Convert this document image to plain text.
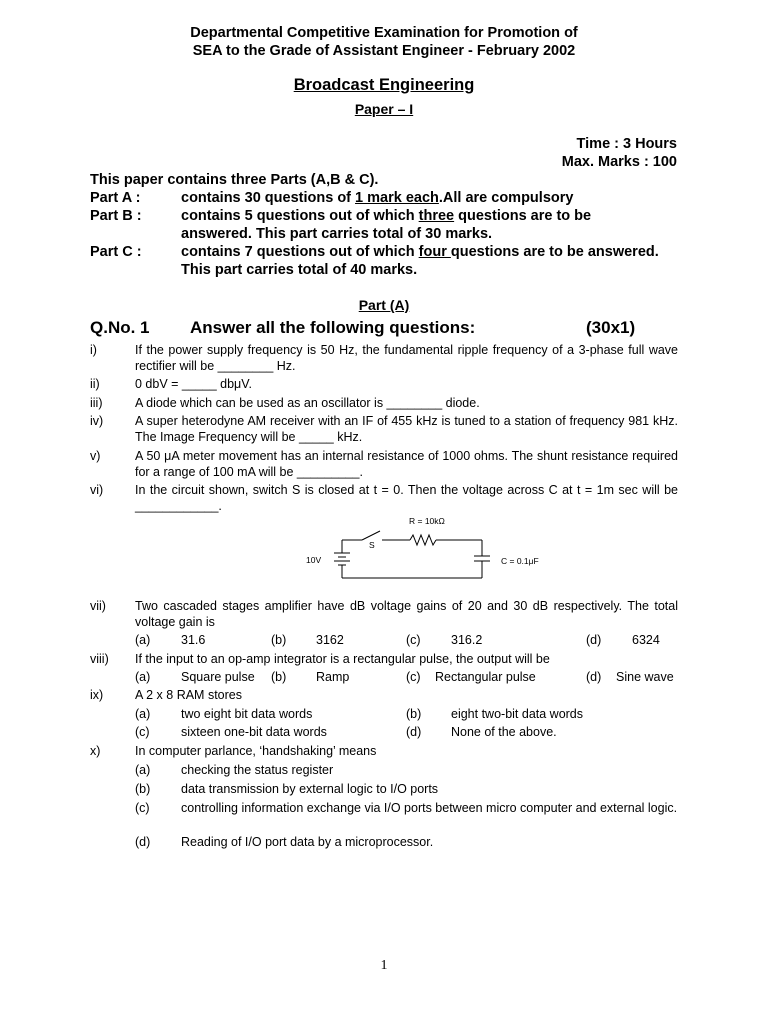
Departmental Competitive Examination for Promotion of
SEA to the Grade of Assistant Engineer - February 2002
Broadcast Engineering
Paper – I
Time : 3 Hours
Max. Marks : 100
This paper contains three Parts (A,B & C).
Part A :	contains 30 questions of 1 mark each.All are compulsory
Part B :	contains 5 questions out of which three questions are to be
answered. This part carries total of 30 marks.
Part C :	contains 7 questions out of which four questions are to be answered.
This part carries total of 40 marks.
Part (A)
Q.No. 1 Answer all the following questions:	(30x1)
i)	If the power supply frequency is 50 Hz, the fundamental ripple frequency of a 3-phase full wave rectifier will be ________ Hz.
ii)	0 dbV = _____ dbμV.
iii)	A diode which can be used as an oscillator is ________ diode.
iv)	A super heterodyne AM receiver with an IF of 455 kHz is tuned to a station of frequency 981 kHz. The Image Frequency will be _____ kHz.
v)	A 50 μA meter movement has an internal resistance of 1000 ohms. The shunt resistance required for a range of 100 mA will be _________.
vi)	In the circuit shown, switch S is closed at t = 0. Then the voltage across C at t = 1m sec will be ____________.
R = 10kΩ
S
10V	C = 0.1μF
vii) Two cascaded stages amplifier have dB voltage gains of 20 and 30 dB respectively. The total voltage gain is
(a) 31.6	(b) 3162	(c) 316.2	(d) 6324
viii) If the input to an op-amp integrator is a rectangular pulse, the output will be
(a) Square pulse (b) Ramp	(c) Rectangular pulse	(d) Sine wave
ix)	A 2 x 8 RAM stores
(a) two eight bit data words	(b) eight two-bit data words
(c)	sixteen one-bit data words	(d) None of the above.
x)	In computer parlance, ‘handshaking’ means
(a) checking the status register
(b) data transmission by external logic to I/O ports
(c)	controlling information exchange via I/O ports between micro computer and external logic.
(d) Reading of I/O port data by a microprocessor.
1
